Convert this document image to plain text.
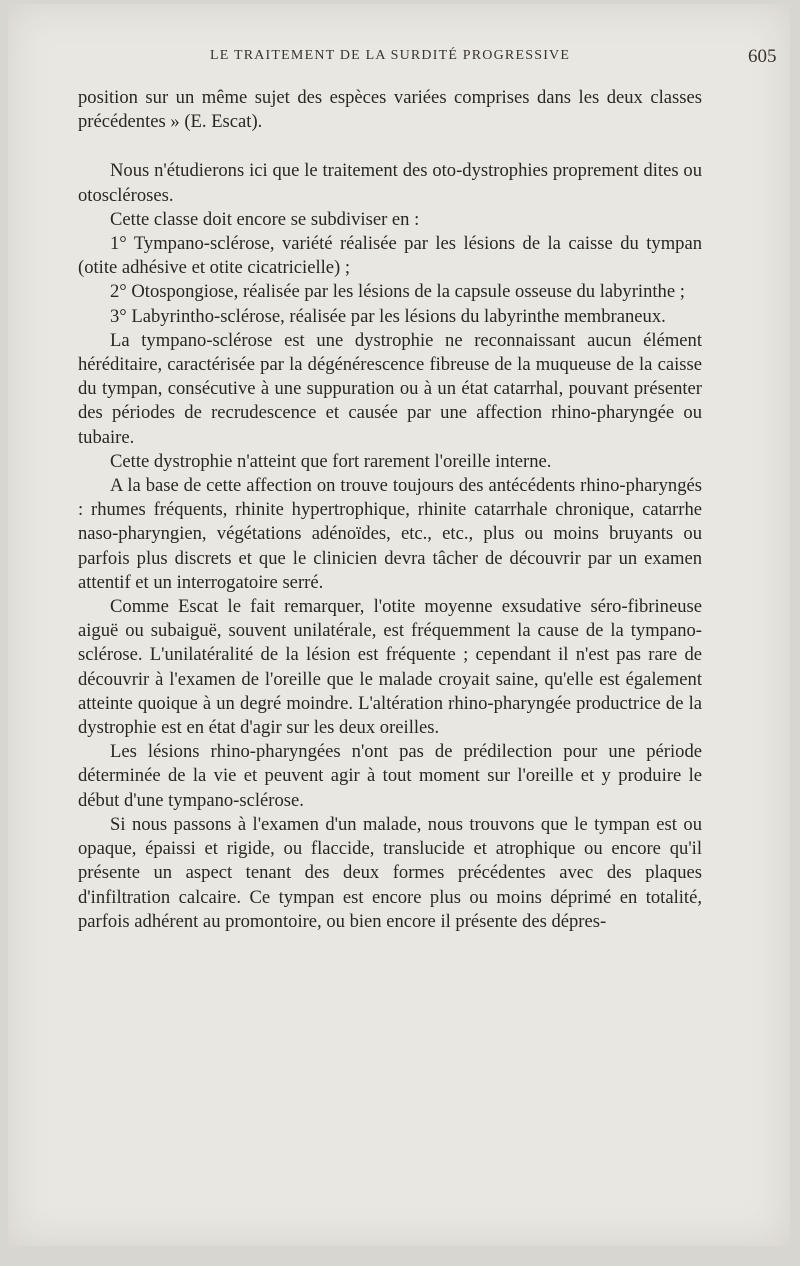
LE TRAITEMENT DE LA SURDITÉ PROGRESSIVE	605

position sur un même sujet des espèces variées comprises dans les deux classes précédentes » (E. Escat).

Nous n'étudierons ici que le traitement des oto-dystrophies proprement dites ou otoscléroses.

Cette classe doit encore se subdiviser en :

1° Tympano-sclérose, variété réalisée par les lésions de la caisse du tympan (otite adhésive et otite cicatricielle) ;

2° Otospongiose, réalisée par les lésions de la capsule osseuse du labyrinthe ;

3° Labyrintho-sclérose, réalisée par les lésions du labyrinthe membraneux.

La tympano-sclérose est une dystrophie ne reconnaissant aucun élément héréditaire, caractérisée par la dégénérescence fibreuse de la muqueuse de la caisse du tympan, consécutive à une suppuration ou à un état catarrhal, pouvant présenter des périodes de recrudescence et causée par une affection rhino-pharyngée ou tubaire.

Cette dystrophie n'atteint que fort rarement l'oreille interne.

A la base de cette affection on trouve toujours des antécédents rhino-pharyngés : rhumes fréquents, rhinite hypertrophique, rhinite catarrhale chronique, catarrhe naso-pharyngien, végétations adénoïdes, etc., etc., plus ou moins bruyants ou parfois plus discrets et que le clinicien devra tâcher de découvrir par un examen attentif et un interrogatoire serré.

Comme Escat le fait remarquer, l'otite moyenne exsudative séro-fibrineuse aiguë ou subaiguë, souvent unilatérale, est fréquemment la cause de la tympano-sclérose. L'unilatéralité de la lésion est fréquente ; cependant il n'est pas rare de découvrir à l'examen de l'oreille que le malade croyait saine, qu'elle est également atteinte quoique à un degré moindre. L'altération rhino-pharyngée productrice de la dystrophie est en état d'agir sur les deux oreilles.

Les lésions rhino-pharyngées n'ont pas de prédilection pour une période déterminée de la vie et peuvent agir à tout moment sur l'oreille et y produire le début d'une tympano-sclérose.

Si nous passons à l'examen d'un malade, nous trouvons que le tympan est ou opaque, épaissi et rigide, ou flaccide, translucide et atrophique ou encore qu'il présente un aspect tenant des deux formes précédentes avec des plaques d'infiltration calcaire. Ce tympan est encore plus ou moins déprimé en totalité, parfois adhérent au promontoire, ou bien encore il présente des dépres-
